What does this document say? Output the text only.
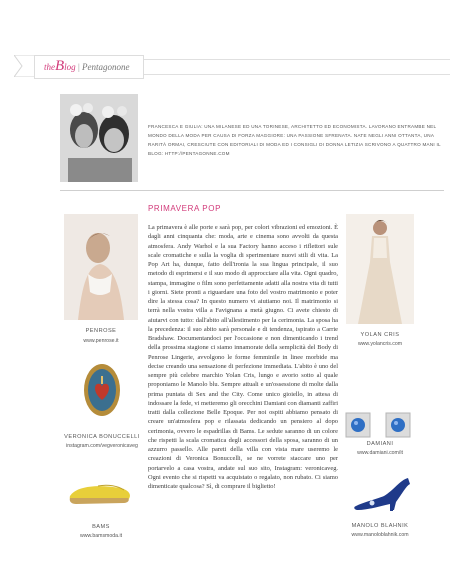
theBlog | Pentagonone
FRANCESCA E GIULIA: UNA MILANESE ED UNA TORINESE, ARCHITETTO ED ECONOMISTA. LAVORANO ENTRAMBE NEL MONDO DELLA MODA PER CAUSA DI FORZA MAGGIORE: UNA PASSIONE SFRENATA. NATE NEGLI ANNI OTTANTA, UNA RARITÀ ORMAI, CRESCIUTE CON EDITORIALI DI MODA ED I CONSIGLI DI DONNA LETIZIA SCRIVONO A QUATTRO MANI IL BLOG: HTTP://PENTAGONNE.COM
PRIMAVERA POP
La primavera è alle porte e sarà pop, per colori vibrazioni ed emozioni. È dagli anni cinquanta che: moda, arte e cinema sono avvolti da questa atmosfera. Andy Warhol e la sua Factory hanno acceso i riflettori sule scale cromatiche e sulla la voglia di sperimentare nuovi stili di vita. La Pop Art ha, dunque, fatto dell'ironia la sua lingua principale, il suo metodo di esprimersi e il suo modo di approcciare alla vita. Ogni quadro, stampa, immagine o film sono perfettamente adatti alla nostra vita di tutti i giorni. Siete pronti a riguardare una foto del vostro matrimonio e poter dire la stessa cosa? In questo numero vi aiutiamo noi. Il matrimonio si terrà nella vostra villa a Favignana a metà giugno. Ci avete chiesto di aiutarvi con tutto: dall'abito all'allestimento per la cerimonia. La sposa ha la precedenza: il suo abito sarà personale e di tendenza, ispirato a Carrie Bradshaw. Documentandoci per l'occasione e non dimenticando i trend della prossima stagione ci siamo innamorate della semplicità del Body di Penrose Lingerie, avvolgono le forme femminile in linee morbide ma decise creando una sensazione di perfezione immediata. L'abito è uno del sempre più celebre marchio Yolan Cris, lungo e avorio sotto al quale proponiamo le Manolo blu. Sempre attuali e un'ossessione di molte dalla prima puntata di Sex and the City. Come unico gioiello, in attesa di indossare la fede, vi metteremo gli orecchini Damiani con diamanti zaffiri tratti dalla collezione Belle Epoque. Per noi ospiti abbiamo pensato di creare un'atmosfera pop e rilassata dedicando un pensiero al dopo cerimonia, ovvero le espadrillas di Bams. Le sedute saranno di un colore che rispetti la scala cromatica degli accessori della sposa, saranno di un azzurro passello. Alle pareti della villa con vista mare useremo le creazioni di Veronica Bonuccelli, se ne vorrete staccare uno per portarvelo a casa vostra, andate sul suo sito, Instagram: veronicaveg. Ogni evento che si rispetti va acquistato o regalato, non rubato. Ci siamo dimenticate qualcosa? Sì, di comprare il biglietto!
PENROSE
www.penrose.it
VERONICA BONUCCELLI
instagram.com/vegveronicaveg
BAMS
www.bamsmoda.it
YOLAN CRIS
www.yolancris.com
DAMIANI
www.damiani.com/it
MANOLO BLAHNIK
www.manoloblahnik.com
